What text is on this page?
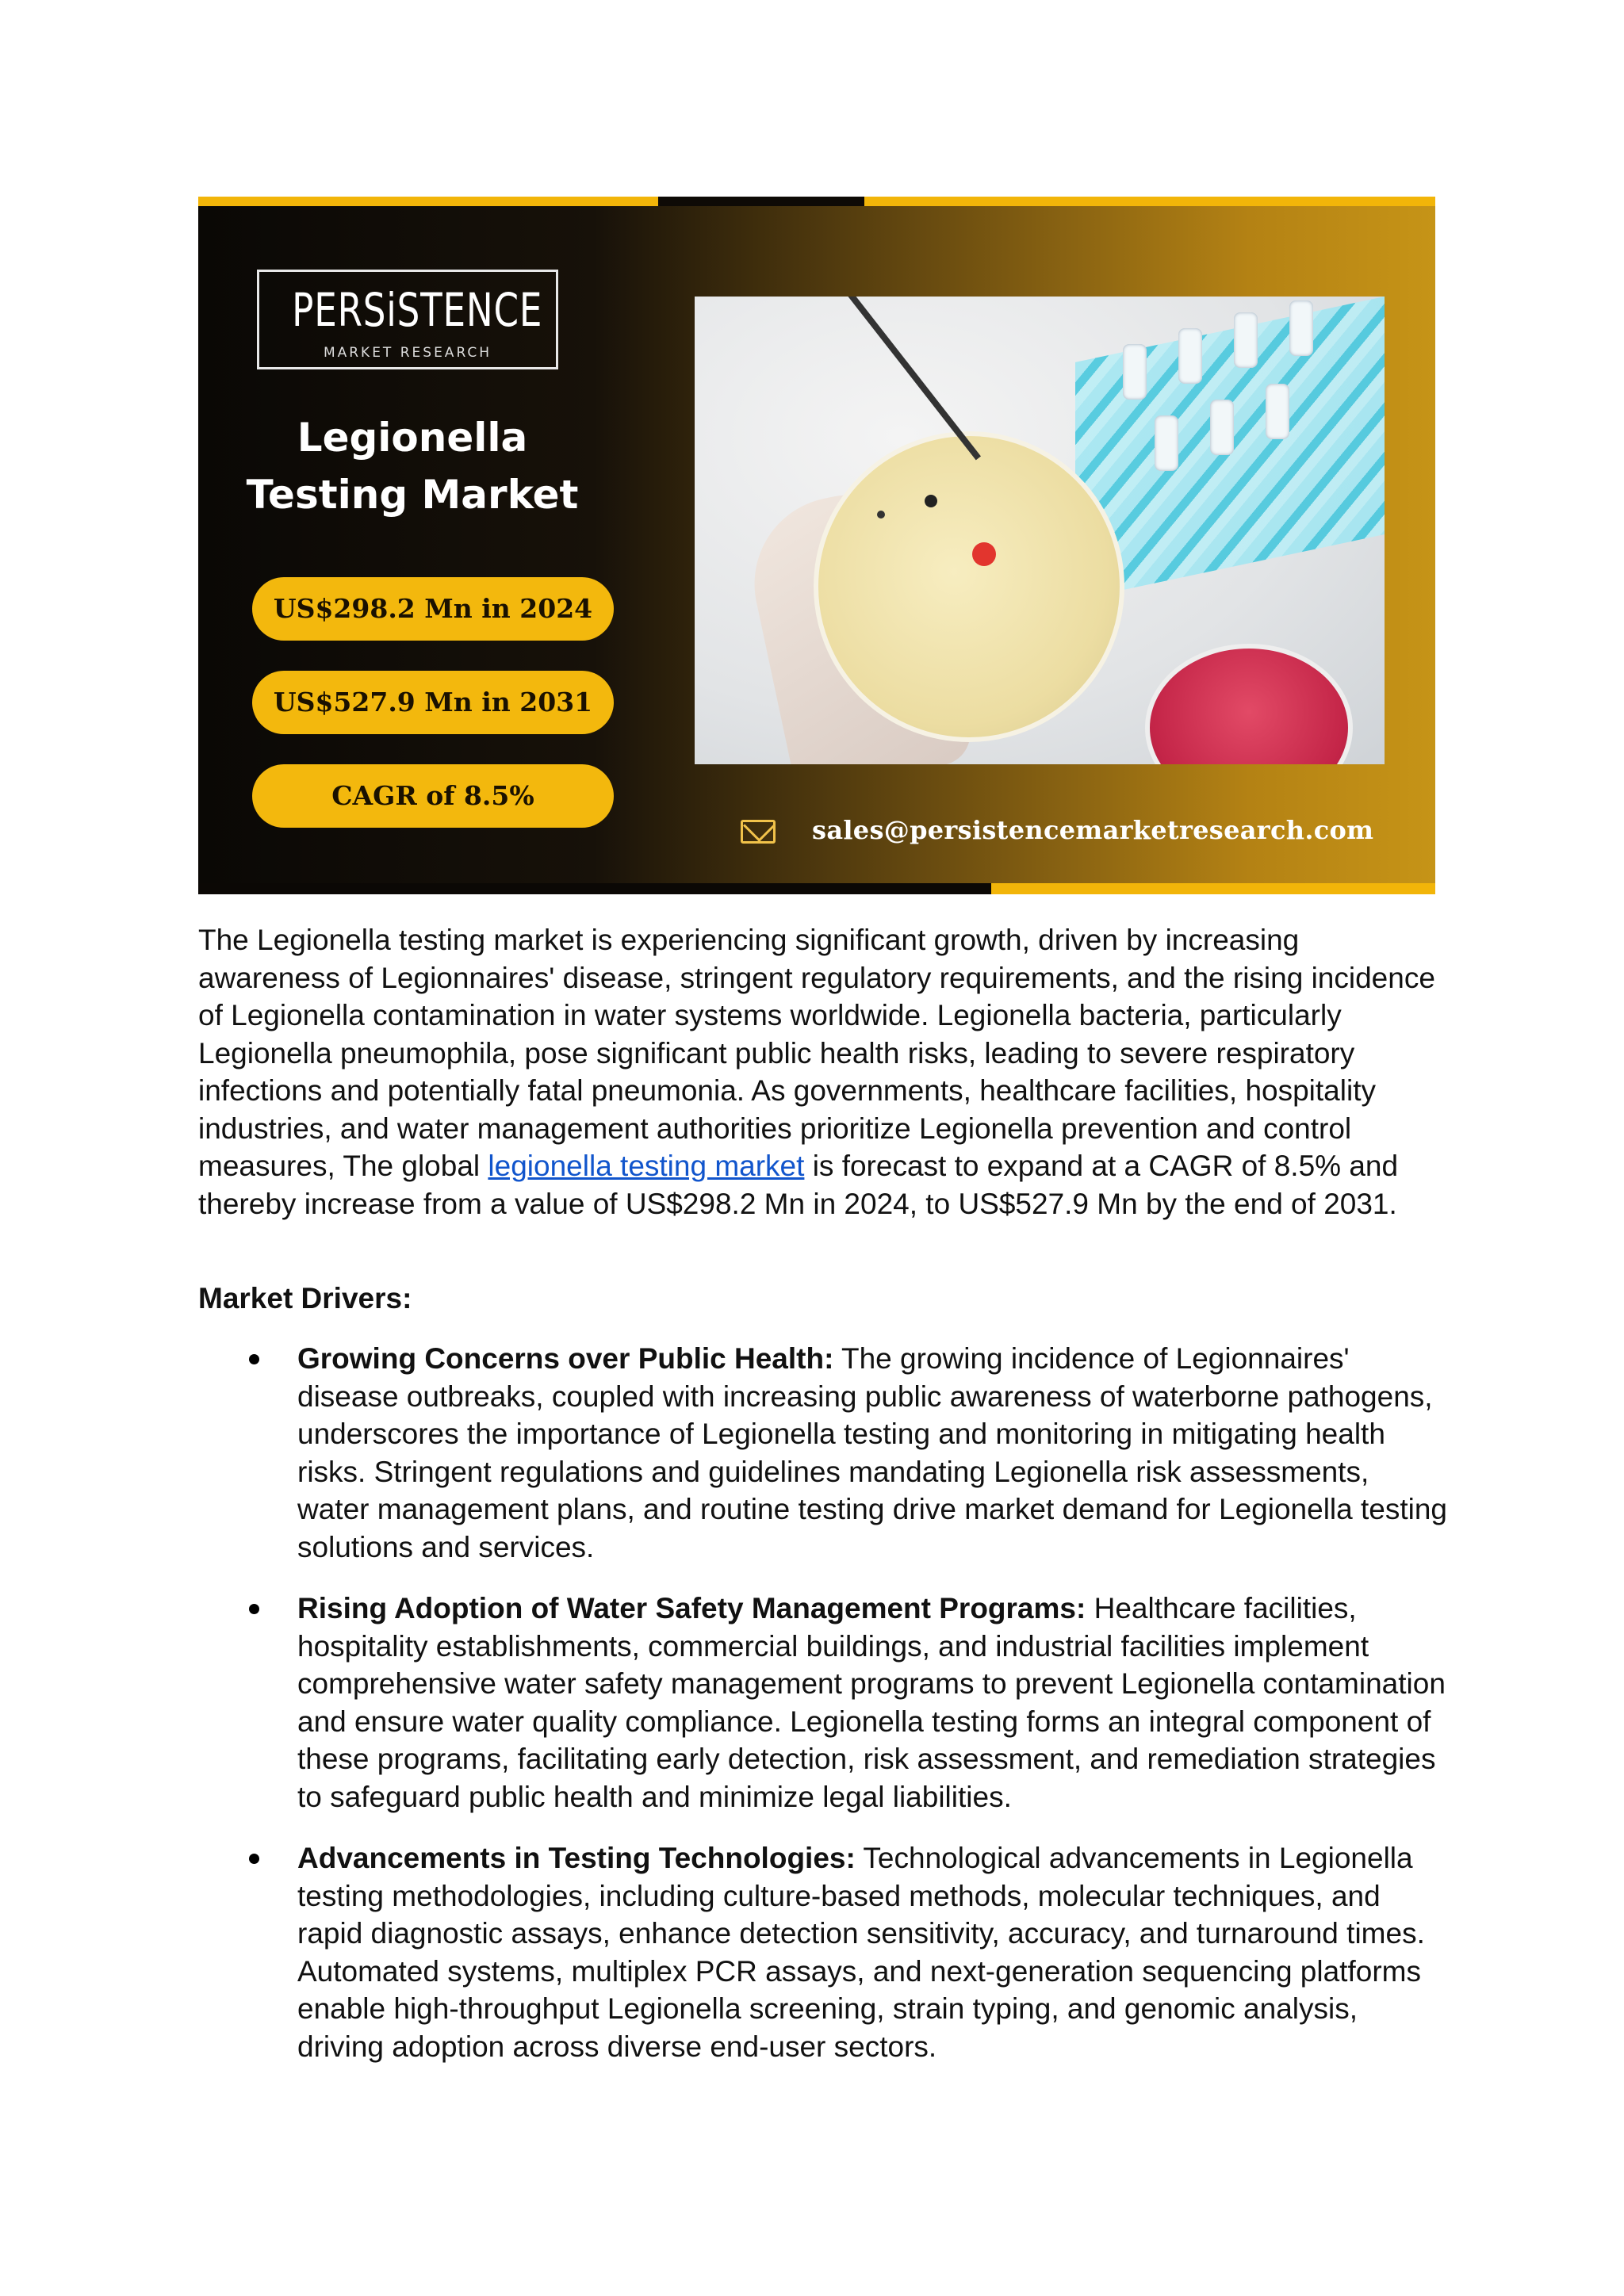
PERSiSTENCE
MARKET RESEARCH
Legionella Testing Market
US$298.2 Mn in 2024
US$527.9 Mn in 2031
CAGR of 8.5%
sales@persistencemarketresearch.com

The Legionella testing market is experiencing significant growth, driven by increasing awareness of Legionnaires' disease, stringent regulatory requirements, and the rising incidence of Legionella contamination in water systems worldwide. Legionella bacteria, particularly Legionella pneumophila, pose significant public health risks, leading to severe respiratory infections and potentially fatal pneumonia. As governments, healthcare facilities, hospitality industries, and water management authorities prioritize Legionella prevention and control measures, The global legionella testing market is forecast to expand at a CAGR of 8.5% and thereby increase from a value of US$298.2 Mn in 2024, to US$527.9 Mn by the end of 2031.

Market Drivers:
Growing Concerns over Public Health: The growing incidence of Legionnaires' disease outbreaks, coupled with increasing public awareness of waterborne pathogens, underscores the importance of Legionella testing and monitoring in mitigating health risks. Stringent regulations and guidelines mandating Legionella risk assessments, water management plans, and routine testing drive market demand for Legionella testing solutions and services.
Rising Adoption of Water Safety Management Programs: Healthcare facilities, hospitality establishments, commercial buildings, and industrial facilities implement comprehensive water safety management programs to prevent Legionella contamination and ensure water quality compliance. Legionella testing forms an integral component of these programs, facilitating early detection, risk assessment, and remediation strategies to safeguard public health and minimize legal liabilities.
Advancements in Testing Technologies: Technological advancements in Legionella testing methodologies, including culture-based methods, molecular techniques, and rapid diagnostic assays, enhance detection sensitivity, accuracy, and turnaround times. Automated systems, multiplex PCR assays, and next-generation sequencing platforms enable high-throughput Legionella screening, strain typing, and genomic analysis, driving adoption across diverse end-user sectors.
